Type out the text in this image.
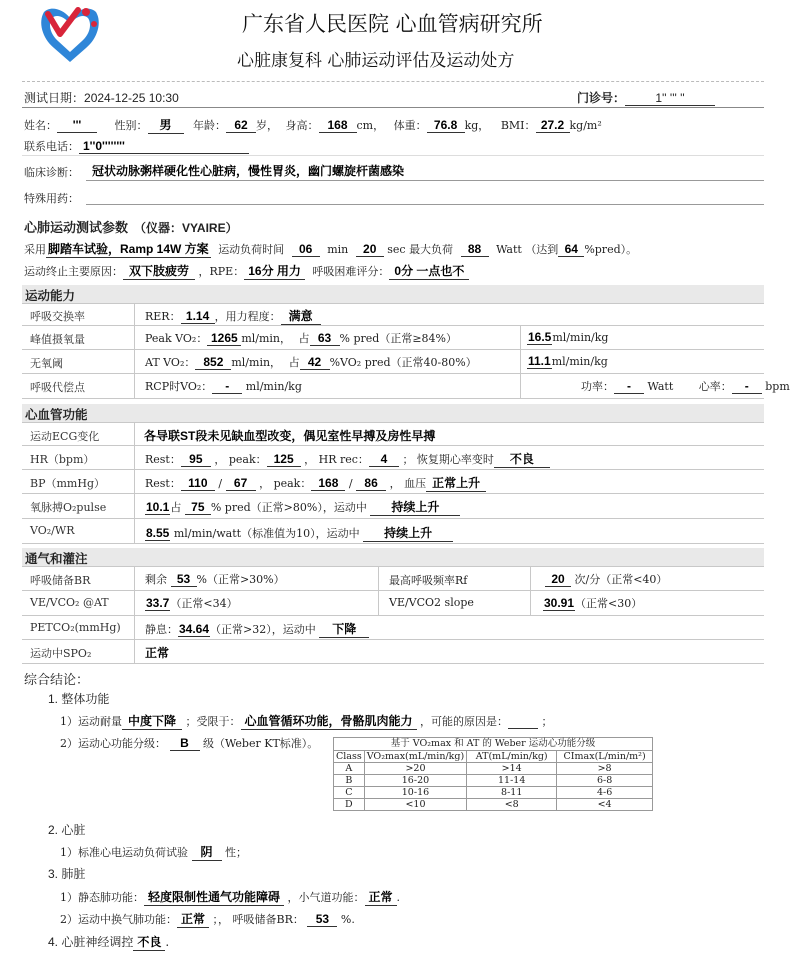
广东省人民医院 心血管病研究所
心脏康复科 心肺运动评估及运动处方
测试日期：2024-12-25 10:30	门诊号：	1'' ''' ''
姓名： '''	性别： 男 年龄： 62 岁， 身高： 168 cm， 体重： 76.8 kg， BMI： 27.2 kg/m²
联系电话： 1''0''''''''
临床诊断： 冠状动脉粥样硬化性心脏病，慢性胃炎，幽门螺旋杆菌感染
特殊用药：
心肺运动测试参数 （仪器：VYAIRE）
采用 脚踏车试验，Ramp 14W 方案 运动负荷时间 06 min 20 sec 最大负荷 88 Watt （达到 64 %pred）。
运动终止主要原因： 双下肢疲劳 ，RPE： 16分 用力 呼吸困难评分： 0分 一点也不
运动能力
呼吸交换率	RER： 1.14 ，用力程度： 满意
峰值摄氧量	Peak VO₂： 1265 ml/min， 占 63 % pred（正常≥84%）	16.5ml/min/kg
无氧阈	AT VO₂： 852 ml/min， 占 42 %VO₂ pred（正常40-80%）	11.1ml/min/kg
呼吸代偿点	RCP时VO₂： - ml/min/kg	功率： - Watt 心率： - bpm
心血管功能
运动ECG变化	各导联ST段未见缺血型改变，偶见室性早搏及房性早搏
HR（bpm）	Rest： 95 ， peak： 125 ， HR rec： 4 ； 恢复期心率变时 不良
BP（mmHg）	Rest： 110 / 67 ， peak： 168 / 86 ， 血压 正常上升
氧脉搏O₂pulse	10.1占 75 % pred（正常>80%），运动中 持续上升
VO₂/WR	8.55 ml/min/watt（标准值为10），运动中 持续上升
通气和灌注
呼吸储备BR	剩余 53 %（正常>30%）	最高呼吸频率Rf	20 次/分（正常<40）
VE/VCO₂ @AT	33.7（正常<34）	VE/VCO2 slope	30.91（正常<30）
PETCO₂(mmHg) 静息：34.64（正常>32），运动中 下降
运动中SPO₂	正常
综合结论：
1. 整体功能
1）运动耐量 中度下降 ；受限于： 心血管循环功能，骨骼肌肉能力 ，可能的原因是：	；
2）运动心功能分级： B 级（Weber KT标准）。	基于 VO₂max 和 AT 的 Weber 运动心功能分级
Class	VO₂max(mL/min/kg)	AT(mL/min/kg)	CImax(L/min/m²)
A	>20	>14	>8
B	16-20	11-14	6-8
C	10-16	8-11	4-6
D	<10	<8	<4
2. 心脏
1）标准心电运动负荷试验 阴 性；
3. 肺脏
1）静态肺功能： 轻度限制性通气功能障碍 ，小气道功能： 正常 .
2）运动中换气肺功能： 正常 ；， 呼吸储备BR： 53 %.
4. 心脏神经调控 不良 .
